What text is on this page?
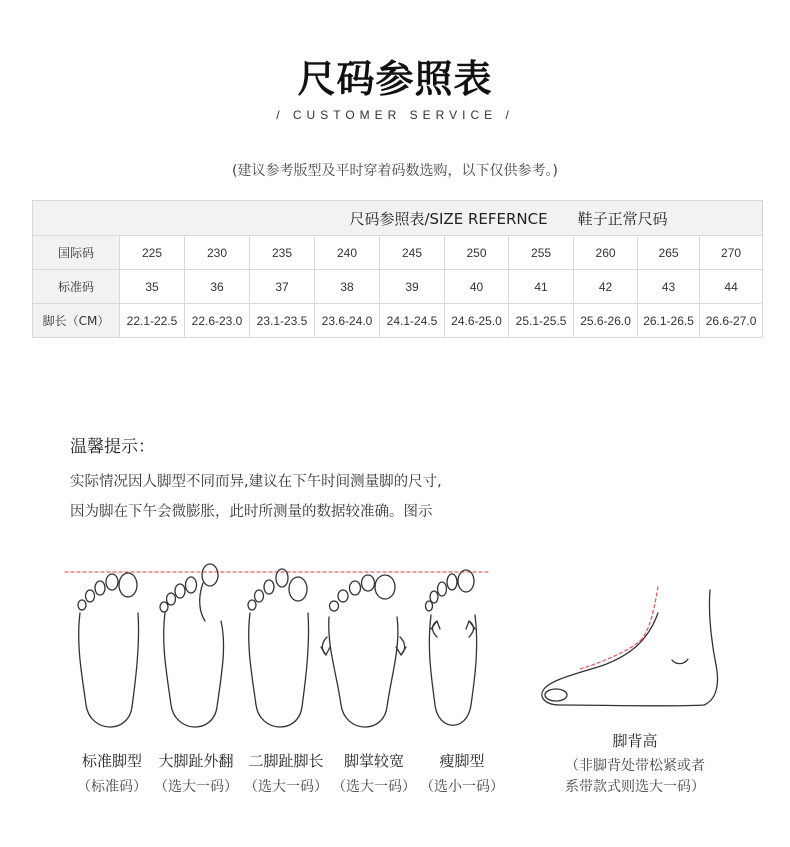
尺码参照表
/ CUSTOMER SERVICE /
(建议参考版型及平时穿着码数选购，以下仅供参考。)
		尺码参照表/SIZE REFERNCE						鞋子正常尺码		
国际码	225	230	235	240	245	250	255	260	265	270
标准码	35	36	37	38	39	40	41	42	43	44
脚长（CM）	22.1-22.5	22.6-23.0	23.1-23.5	23.6-24.0	24.1-24.5	24.6-25.0	25.1-25.5	25.6-26.0	26.1-26.5	26.6-27.0
温馨提示：
实际情况因人脚型不同而异,建议在下午时间测量脚的尺寸,
因为脚在下午会微膨胀，此时所测量的数据较准确。图示
标准脚型
（标准码）
大脚趾外翻
（选大一码）
二脚趾脚长
（选大一码）
脚掌较宽
（选大一码）
瘦脚型
（选小一码）
脚背高
（非脚背处带松紧或者
系带款式则选大一码）
